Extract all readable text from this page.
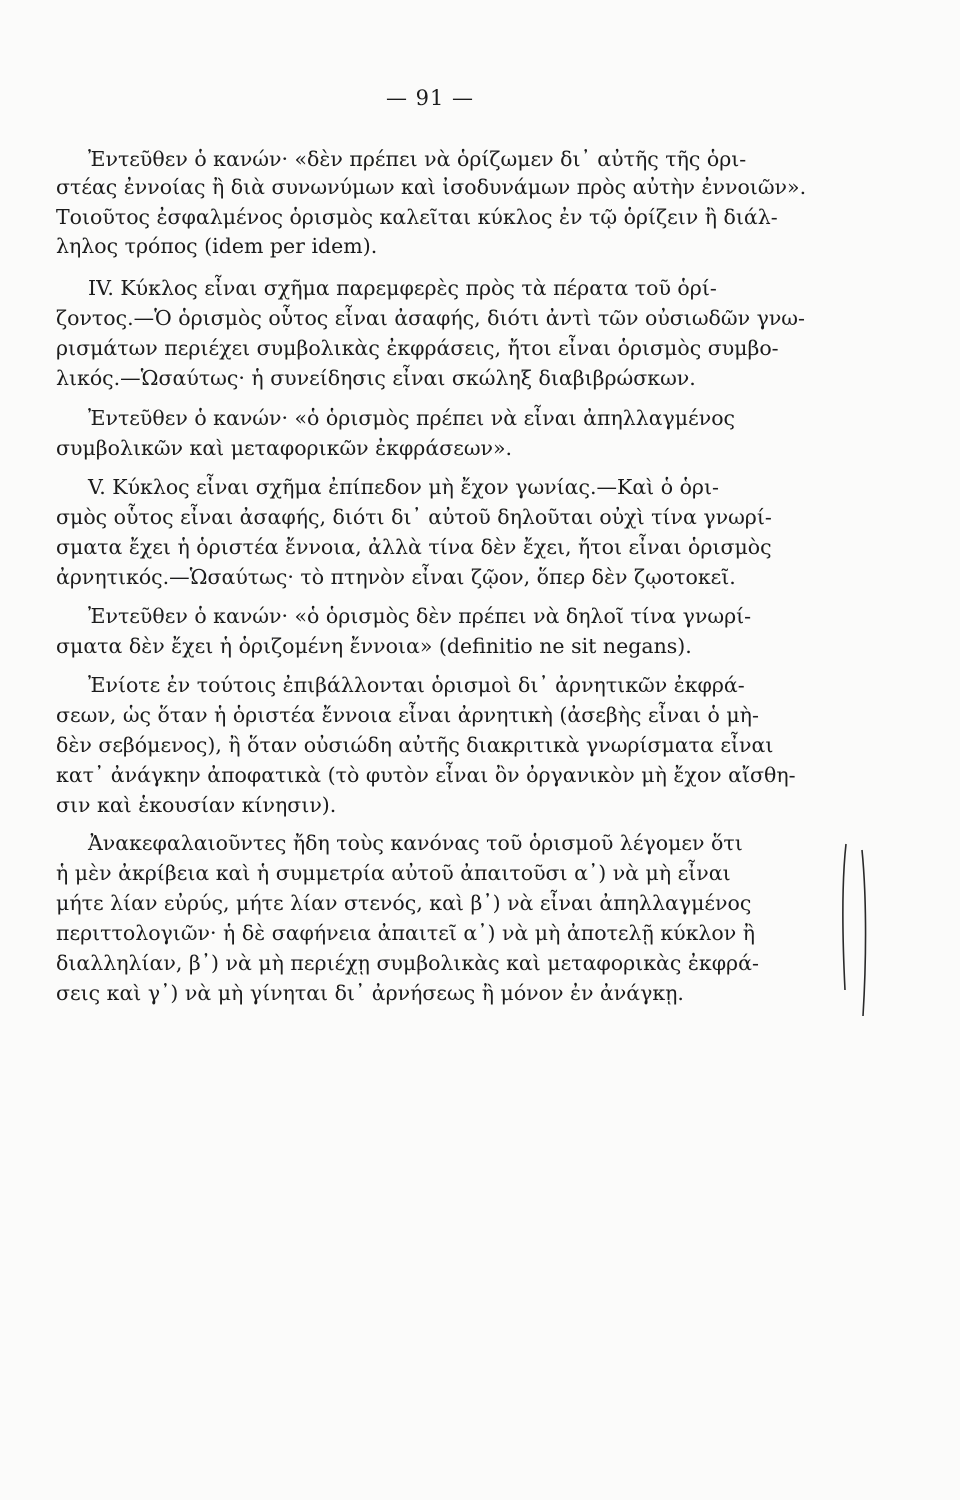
— 91 —
Ἐντεῦθεν ὁ κανών· «δὲν πρέπει νὰ ὁρίζωμεν δι᾽ αὐτῆς τῆς ὁρι-
στέας ἐννοίας ἢ διὰ συνωνύμων καὶ ἰσοδυνάμων πρὸς αὐτὴν ἐννοιῶν».
Τοιοῦτος ἐσφαλμένος ὁρισμὸς καλεῖται κύκλος ἐν τῷ ὁρίζειν ἢ διάλ-
ληλος τρόπος (idem per idem).
IV. Κύκλος εἶναι σχῆμα παρεμφερὲς πρὸς τὰ πέρατα τοῦ ὁρί-
ζοντος.—Ὁ ὁρισμὸς οὗτος εἶναι ἀσαφής, διότι ἀντὶ τῶν οὐσιωδῶν γνω-
ρισμάτων περιέχει συμβολικὰς ἐκφράσεις, ἤτοι εἶναι ὁρισμὸς συμβο-
λικός.—Ὡσαύτως· ἡ συνείδησις εἶναι σκώληξ διαβιβρώσκων.
Ἐντεῦθεν ὁ κανών· «ὁ ὁρισμὸς πρέπει νὰ εἶναι ἀπηλλαγμένος
συμβολικῶν καὶ μεταφορικῶν ἐκφράσεων».
V. Κύκλος εἶναι σχῆμα ἐπίπεδον μὴ ἔχον γωνίας.—Καὶ ὁ ὁρι-
σμὸς οὗτος εἶναι ἀσαφής, διότι δι᾽ αὐτοῦ δηλοῦται οὐχὶ τίνα γνωρί-
σματα ἔχει ἡ ὁριστέα ἔννοια, ἀλλὰ τίνα δὲν ἔχει, ἤτοι εἶναι ὁρισμὸς
ἀρνητικός.—Ὡσαύτως· τὸ πτηνὸν εἶναι ζῷον, ὅπερ δὲν ζῳοτοκεῖ.
Ἐντεῦθεν ὁ κανών· «ὁ ὁρισμὸς δὲν πρέπει νὰ δηλοῖ τίνα γνωρί-
σματα δὲν ἔχει ἡ ὁριζομένη ἔννοια» (definitio ne sit negans).
Ἐνίοτε ἐν τούτοις ἐπιβάλλονται ὁρισμοὶ δι᾽ ἀρνητικῶν ἐκφρά-
σεων, ὡς ὅταν ἡ ὁριστέα ἔννοια εἶναι ἀρνητικὴ (ἀσεβὴς εἶναι ὁ μὴ-
δὲν σεβόμενος), ἢ ὅταν οὐσιώδη αὐτῆς διακριτικὰ γνωρίσματα εἶναι
κατ᾽ ἀνάγκην ἀποφατικὰ (τὸ φυτὸν εἶναι ὂν ὀργανικὸν μὴ ἔχον αἴσθη-
σιν καὶ ἑκουσίαν κίνησιν).
Ἀνακεφαλαιοῦντες ἤδη τοὺς κανόνας τοῦ ὁρισμοῦ λέγομεν ὅτι
ἡ μὲν ἀκρίβεια καὶ ἡ συμμετρία αὐτοῦ ἀπαιτοῦσι α᾽) νὰ μὴ εἶναι
μήτε λίαν εὐρύς, μήτε λίαν στενός, καὶ β᾽) νὰ εἶναι ἀπηλλαγμένος
περιττολογιῶν· ἡ δὲ σαφήνεια ἀπαιτεῖ α᾽) νὰ μὴ ἀποτελῇ κύκλον ἢ
διαλληλίαν, β᾽) νὰ μὴ περιέχῃ συμβολικὰς καὶ μεταφορικὰς ἐκφρά-
σεις καὶ γ᾽) νὰ μὴ γίνηται δι᾽ ἀρνήσεως ἢ μόνον ἐν ἀνάγκῃ.
